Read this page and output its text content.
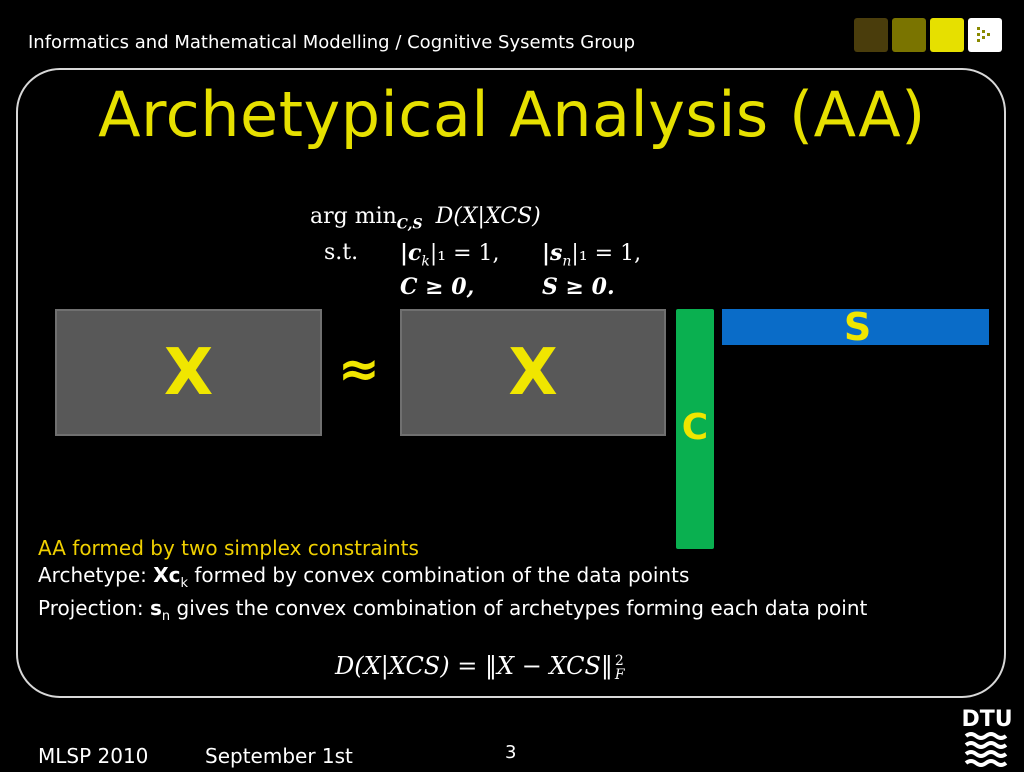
Informatics and Mathematical Modelling / Cognitive Sysemts Group
Archetypical Analysis (AA)
arg $\min_{C,S} D(X|XCS)$
s.t. $|c_k|_1 = 1$, $|s_n|_1 = 1$,
C ≥ 0,	S ≥ 0.
X	≈	X
C
S
AA formed by two simplex constraints
Archetype: $Xc_k$ formed by convex combination of the data points
Projection: $s_n$ gives the convex combination of archetypes forming each data point
D(X|XCS) = ‖X − XCS‖ 2
F
MLSP 2010	September 1st	3
DTU
